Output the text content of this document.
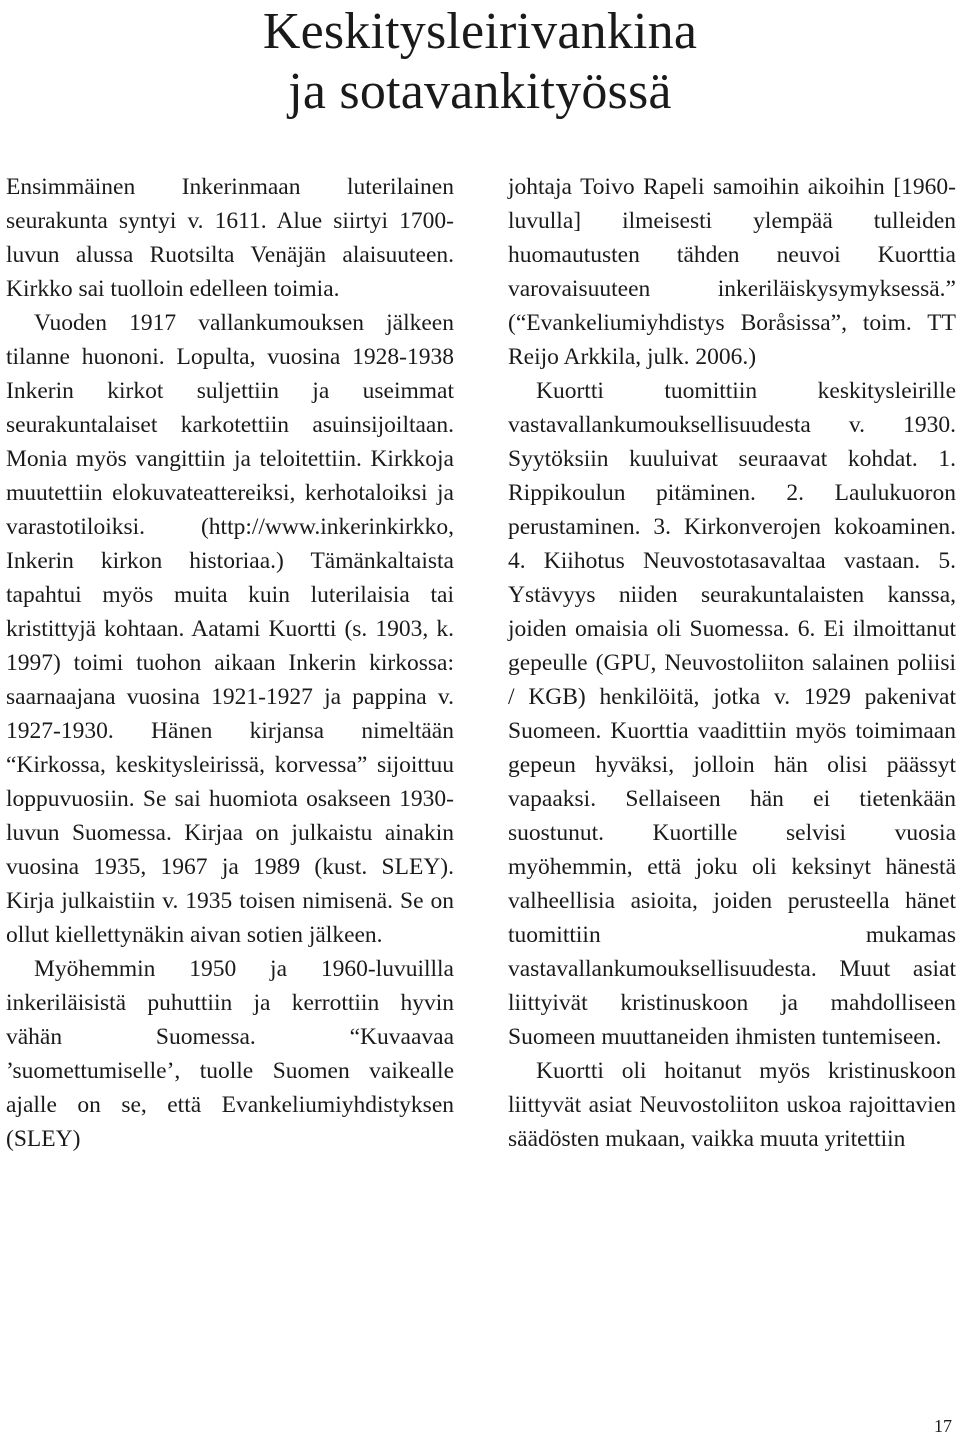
Keskitysleirivankina
ja sotavankityössä

Ensimmäinen Inkerinmaan luterilainen seurakunta syntyi v. 1611. Alue siirtyi 1700-luvun alussa Ruotsilta Venäjän alaisuuteen. Kirkko sai tuolloin edelleen toimia.

Vuoden 1917 vallankumouksen jälkeen tilanne huononi. Lopulta, vuosina 1928-1938 Inkerin kirkot suljettiin ja useimmat seurakuntalaiset karkotettiin asuinsijoiltaan. Monia myös vangittiin ja teloitettiin. Kirkkoja muutettiin elokuvateattereiksi, kerhotaloiksi ja varastotiloiksi. (http://www.inkerinkirkko, Inkerin kirkon historiaa.) Tämänkaltaista tapahtui myös muita kuin luterilaisia tai kristittyjä kohtaan. Aatami Kuortti (s. 1903, k. 1997) toimi tuohon aikaan Inkerin kirkossa: saarnaajana vuosina 1921-1927 ja pappina v. 1927-1930. Hänen kirjansa nimeltään “Kirkossa, keskitysleirissä, korvessa” sijoittuu loppuvuosiin. Se sai huomiota osakseen 1930-luvun Suomessa. Kirjaa on julkaistu ainakin vuosina 1935, 1967 ja 1989 (kust. SLEY). Kirja julkaistiin v. 1935 toisen nimisenä. Se on ollut kiellettynäkin aivan sotien jälkeen.

Myöhemmin 1950 ja 1960-luvuillla inkeriläisistä puhuttiin ja kerrottiin hyvin vähän Suomessa. “Kuvaavaa ’suomettumiselle’, tuolle Suomen vaikealle ajalle on se, että Evankeliumiyhdistyksen (SLEY)

johtaja Toivo Rapeli samoihin aikoihin [1960-luvulla] ilmeisesti ylempää tulleiden huomautusten tähden neuvoi Kuorttia varovaisuuteen inkeriläiskysymyksessä.” (“Evankeliumiyhdistys Boråsissa”, toim. TT Reijo Arkkila, julk. 2006.)

Kuortti tuomittiin keskitysleirille vastavallankumouksellisuudesta v. 1930. Syytöksiin kuuluivat seuraavat kohdat. 1. Rippikoulun pitäminen. 2. Laulukuoron perustaminen. 3. Kirkonverojen kokoaminen. 4. Kiihotus Neuvostotasavaltaa vastaan. 5. Ystävyys niiden seurakuntalaisten kanssa, joiden omaisia oli Suomessa. 6. Ei ilmoittanut gepeulle (GPU, Neuvostoliiton salainen poliisi / KGB) henkilöitä, jotka v. 1929 pakenivat Suomeen. Kuorttia vaadittiin myös toimimaan gepeun hyväksi, jolloin hän olisi päässyt vapaaksi. Sellaiseen hän ei tietenkään suostunut. Kuortille selvisi vuosia myöhemmin, että joku oli keksinyt hänestä valheellisia asioita, joiden perusteella hänet tuomittiin mukamas vastavallankumouksellisuudesta. Muut asiat liittyivät kristinuskoon ja mahdolliseen Suomeen muuttaneiden ihmisten tuntemiseen.

Kuortti oli hoitanut myös kristinuskoon liittyvät asiat Neuvostoliiton uskoa rajoittavien säädösten mukaan, vaikka muuta yritettiin

17
